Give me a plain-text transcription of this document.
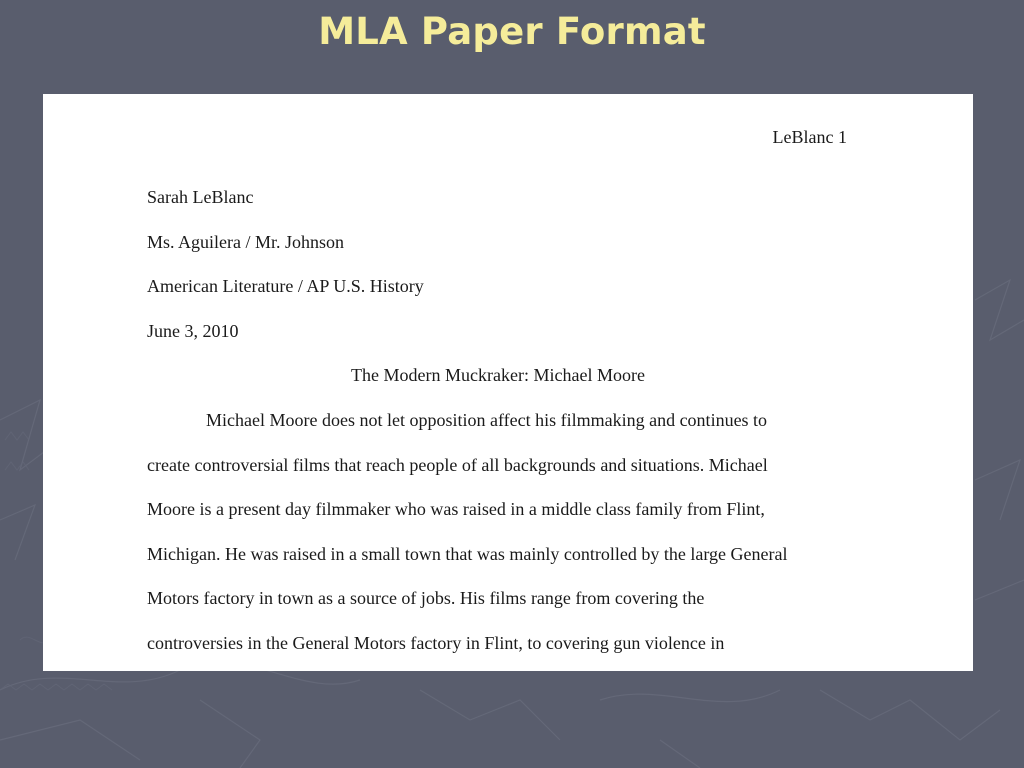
MLA Paper Format
LeBlanc 1
Sarah LeBlanc
Ms. Aguilera / Mr. Johnson
American Literature / AP U.S. History
June 3, 2010
The Modern Muckraker: Michael Moore
Michael Moore does not let opposition affect his filmmaking and continues to
create controversial films that reach people of all backgrounds and situations. Michael
Moore is a present day filmmaker who was raised in a middle class family from Flint,
Michigan. He was raised in a small town that was mainly controlled by the large General
Motors factory in town as a source of jobs. His films range from covering the
controversies in the General Motors factory in Flint, to covering gun violence in
